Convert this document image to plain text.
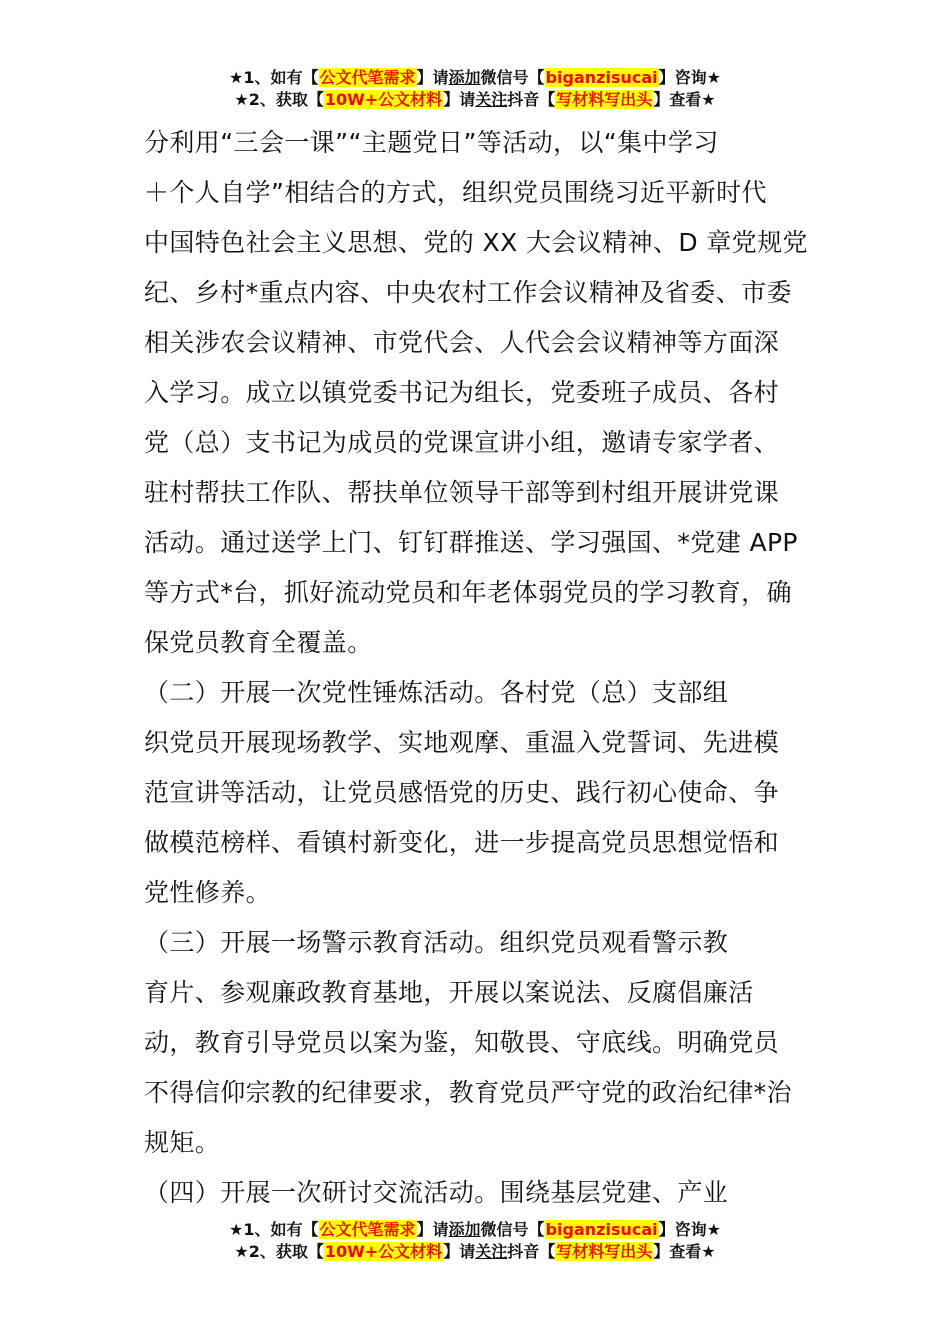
★1、如有【公文代笔需求】请添加微信号【biganzisucai】咨询★
★2、获取【10W+公文材料】请关注抖音【写材料写出头】查看★
分利用“三会一课”“主题党日”等活动，以“集中学习
＋个人自学”相结合的方式，组织党员围绕习近平新时代
中国特色社会主义思想、党的 XX 大会议精神、D 章党规党
纪、乡村*重点内容、中央农村工作会议精神及省委、市委
相关涉农会议精神、市党代会、人代会会议精神等方面深
入学习。成立以镇党委书记为组长，党委班子成员、各村
党（总）支书记为成员的党课宣讲小组，邀请专家学者、
驻村帮扶工作队、帮扶单位领导干部等到村组开展讲党课
活动。通过送学上门、钉钉群推送、学习强国、*党建 APP
等方式*台，抓好流动党员和年老体弱党员的学习教育，确
保党员教育全覆盖。
（二）开展一次党性锤炼活动。各村党（总）支部组
织党员开展现场教学、实地观摩、重温入党誓词、先进模
范宣讲等活动，让党员感悟党的历史、践行初心使命、争
做模范榜样、看镇村新变化，进一步提高党员思想觉悟和
党性修养。
（三）开展一场警示教育活动。组织党员观看警示教
育片、参观廉政教育基地，开展以案说法、反腐倡廉活
动，教育引导党员以案为鉴，知敬畏、守底线。明确党员
不得信仰宗教的纪律要求，教育党员严守党的政治纪律*治
规矩。
（四）开展一次研讨交流活动。围绕基层党建、产业
★1、如有【公文代笔需求】请添加微信号【biganzisucai】咨询★
★2、获取【10W+公文材料】请关注抖音【写材料写出头】查看★
